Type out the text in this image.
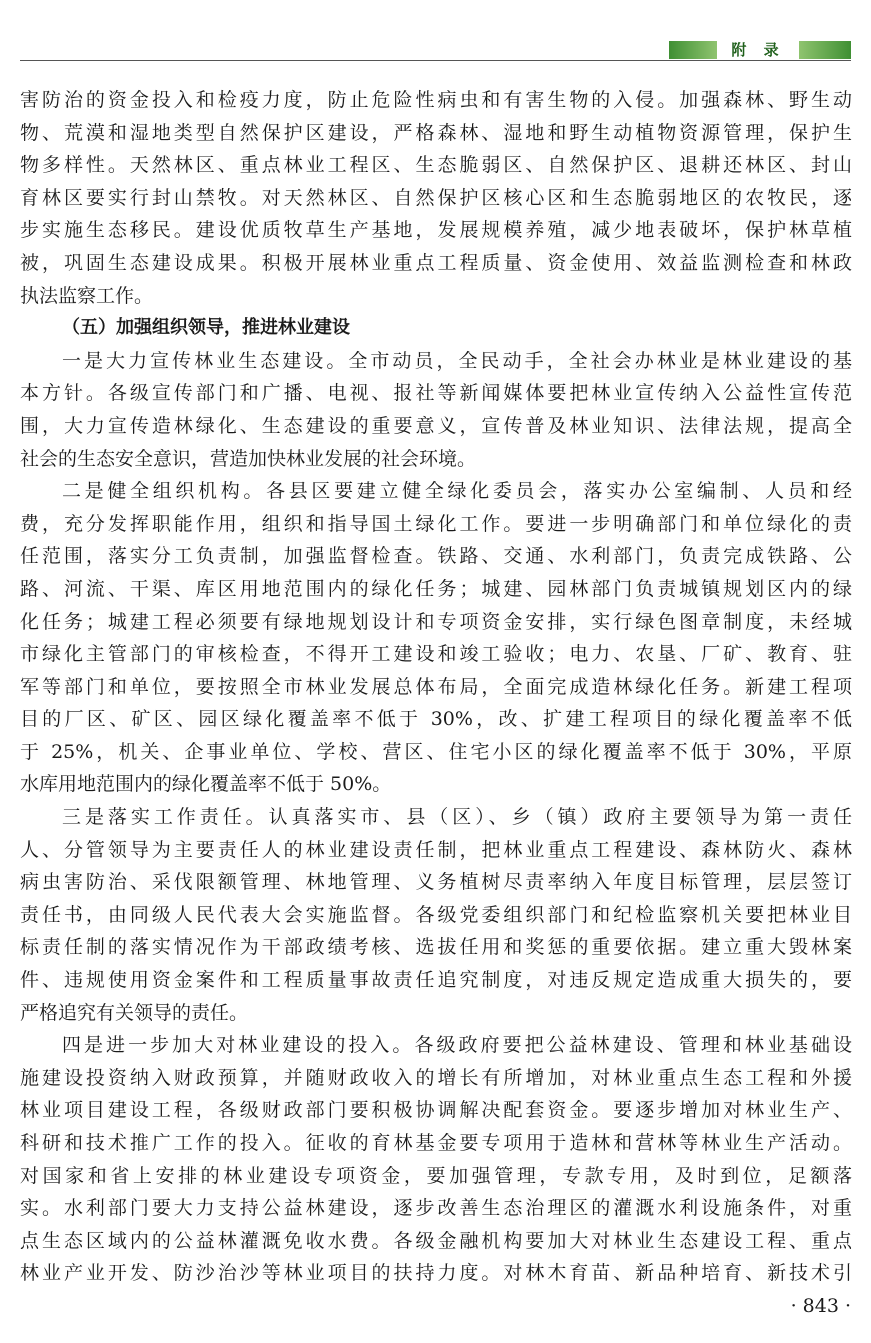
附 录
害防治的资金投入和检疫力度，防止危险性病虫和有害生物的入侵。加强森林、野生动
物、荒漠和湿地类型自然保护区建设，严格森林、湿地和野生动植物资源管理，保护生
物多样性。天然林区、重点林业工程区、生态脆弱区、自然保护区、退耕还林区、封山
育林区要实行封山禁牧。对天然林区、自然保护区核心区和生态脆弱地区的农牧民，逐
步实施生态移民。建设优质牧草生产基地，发展规模养殖，减少地表破坏，保护林草植
被，巩固生态建设成果。积极开展林业重点工程质量、资金使用、效益监测检查和林政
执法监察工作。
（五）加强组织领导，推进林业建设
一是大力宣传林业生态建设。全市动员，全民动手，全社会办林业是林业建设的基
本方针。各级宣传部门和广播、电视、报社等新闻媒体要把林业宣传纳入公益性宣传范
围，大力宣传造林绿化、生态建设的重要意义，宣传普及林业知识、法律法规，提高全
社会的生态安全意识，营造加快林业发展的社会环境。
二是健全组织机构。各县区要建立健全绿化委员会，落实办公室编制、人员和经
费，充分发挥职能作用，组织和指导国土绿化工作。要进一步明确部门和单位绿化的责
任范围，落实分工负责制，加强监督检查。铁路、交通、水利部门，负责完成铁路、公
路、河流、干渠、库区用地范围内的绿化任务；城建、园林部门负责城镇规划区内的绿
化任务；城建工程必须要有绿地规划设计和专项资金安排，实行绿色图章制度，未经城
市绿化主管部门的审核检查，不得开工建设和竣工验收；电力、农垦、厂矿、教育、驻
军等部门和单位，要按照全市林业发展总体布局，全面完成造林绿化任务。新建工程项
目的厂区、矿区、园区绿化覆盖率不低于 30%，改、扩建工程项目的绿化覆盖率不低
于 25%，机关、企事业单位、学校、营区、住宅小区的绿化覆盖率不低于 30%，平原
水库用地范围内的绿化覆盖率不低于 50%。
三是落实工作责任。认真落实市、县（区）、乡（镇）政府主要领导为第一责任
人、分管领导为主要责任人的林业建设责任制，把林业重点工程建设、森林防火、森林
病虫害防治、采伐限额管理、林地管理、义务植树尽责率纳入年度目标管理，层层签订
责任书，由同级人民代表大会实施监督。各级党委组织部门和纪检监察机关要把林业目
标责任制的落实情况作为干部政绩考核、选拔任用和奖惩的重要依据。建立重大毁林案
件、违规使用资金案件和工程质量事故责任追究制度，对违反规定造成重大损失的，要
严格追究有关领导的责任。
四是进一步加大对林业建设的投入。各级政府要把公益林建设、管理和林业基础设
施建设投资纳入财政预算，并随财政收入的增长有所增加，对林业重点生态工程和外援
林业项目建设工程，各级财政部门要积极协调解决配套资金。要逐步增加对林业生产、
科研和技术推广工作的投入。征收的育林基金要专项用于造林和营林等林业生产活动。
对国家和省上安排的林业建设专项资金，要加强管理，专款专用，及时到位，足额落
实。水利部门要大力支持公益林建设，逐步改善生态治理区的灌溉水利设施条件，对重
点生态区域内的公益林灌溉免收水费。各级金融机构要加大对林业生态建设工程、重点
林业产业开发、防沙治沙等林业项目的扶持力度。对林木育苗、新品种培育、新技术引
· 843 ·
